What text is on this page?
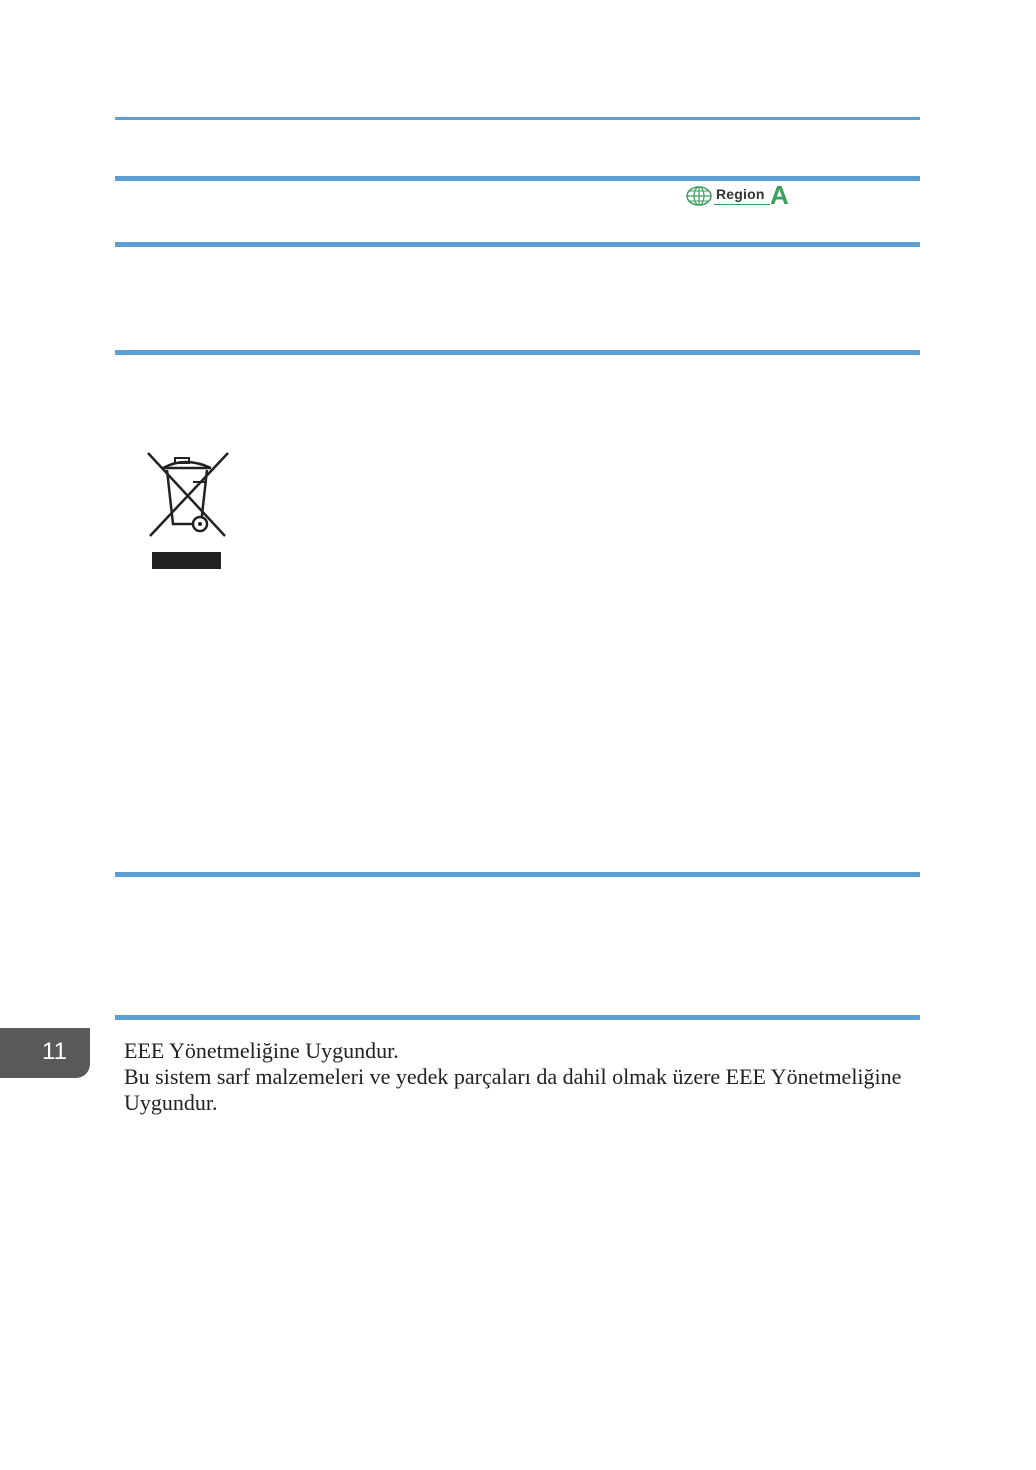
Region A
11	EEE Yönetmeliğine Uygundur.

Bu sistem sarf malzemeleri ve yedek parçaları da dahil olmak üzere EEE Yönetmeliğine Uygundur.
